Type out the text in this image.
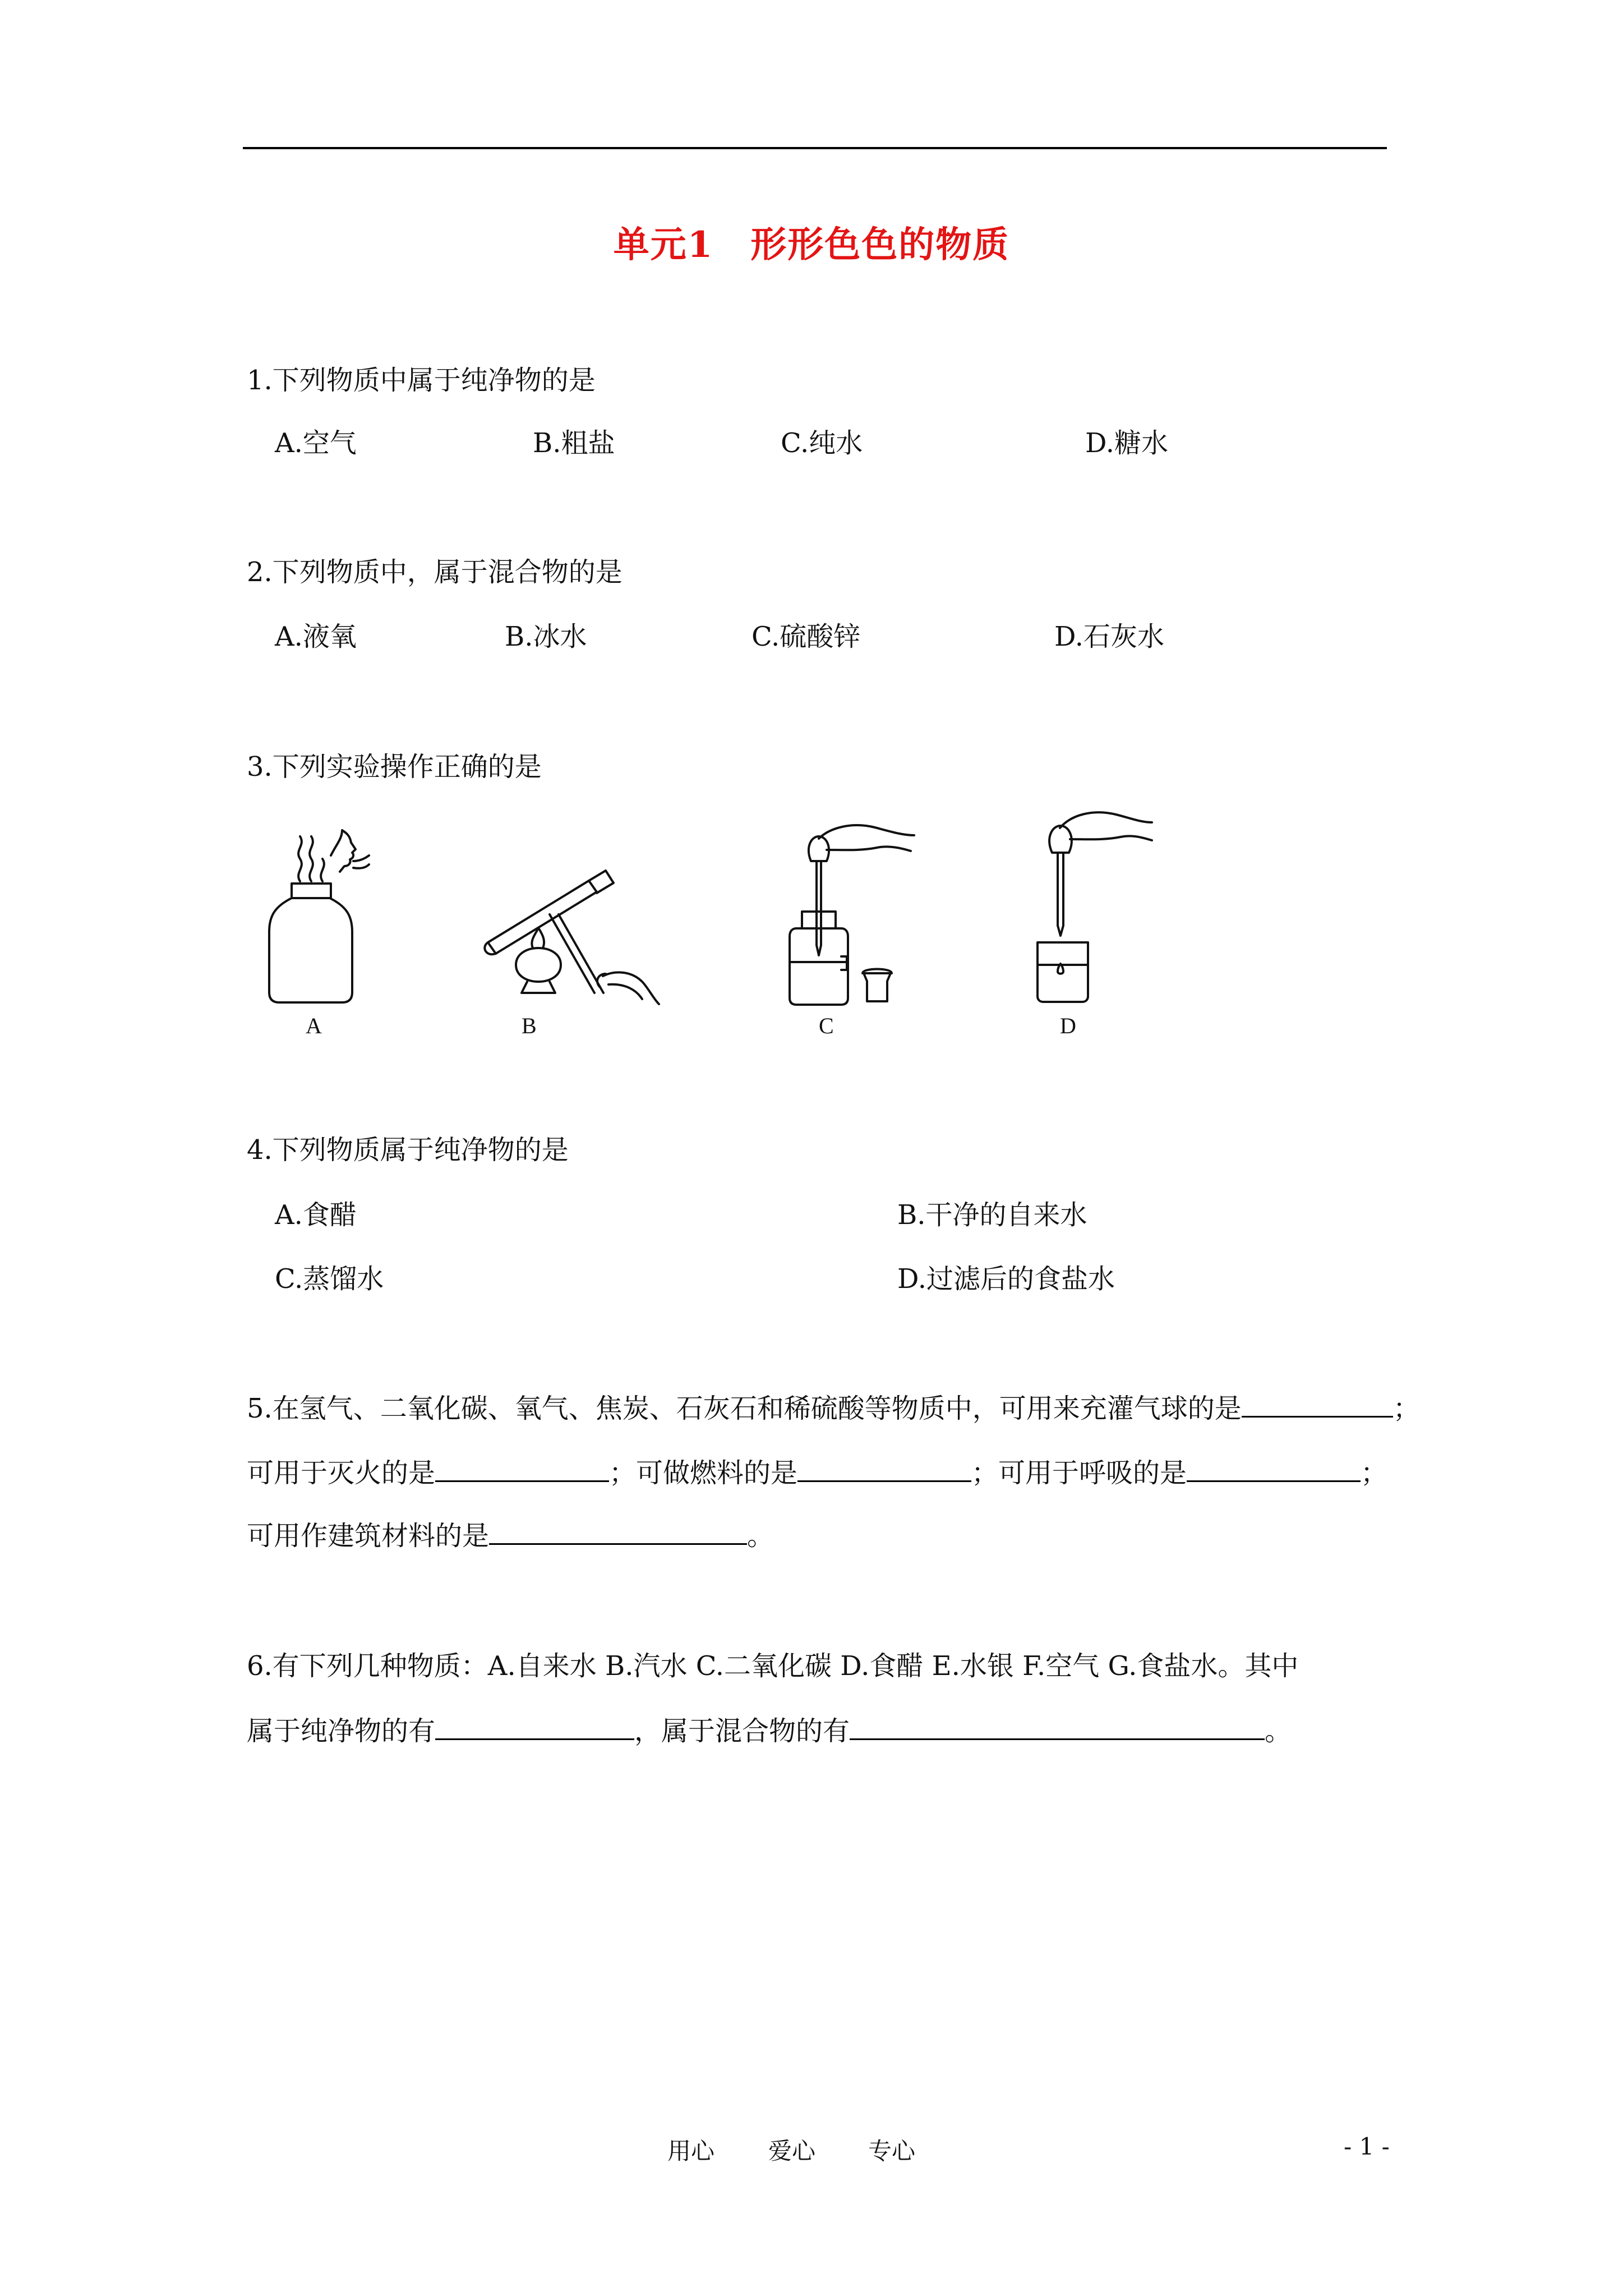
单元1　形形色色的物质
1.下列物质中属于纯净物的是
A.空气	B.粗盐	C.纯水	D.糖水
2.下列物质中，属于混合物的是
A.液氧	B.冰水	C.硫酸锌	D.石灰水
3.下列实验操作正确的是
A	B	C	D
4.下列物质属于纯净物的是
A.食醋	B.干净的自来水
C.蒸馏水	D.过滤后的食盐水
5.在氢气、二氧化碳、氧气、焦炭、石灰石和稀硫酸等物质中，可用来充灌气球的是	；
可用于灭火的是	；可做燃料的是	；可用于呼吸的是	；
可用作建筑材料的是	。
6.有下列几种物质：A.自来水 B.汽水 C.二氧化碳 D.食醋 E.水银 F.空气 G.食盐水。其中
属于纯净物的有	，属于混合物的有	。
用心 爱心 专心	- 1 -
